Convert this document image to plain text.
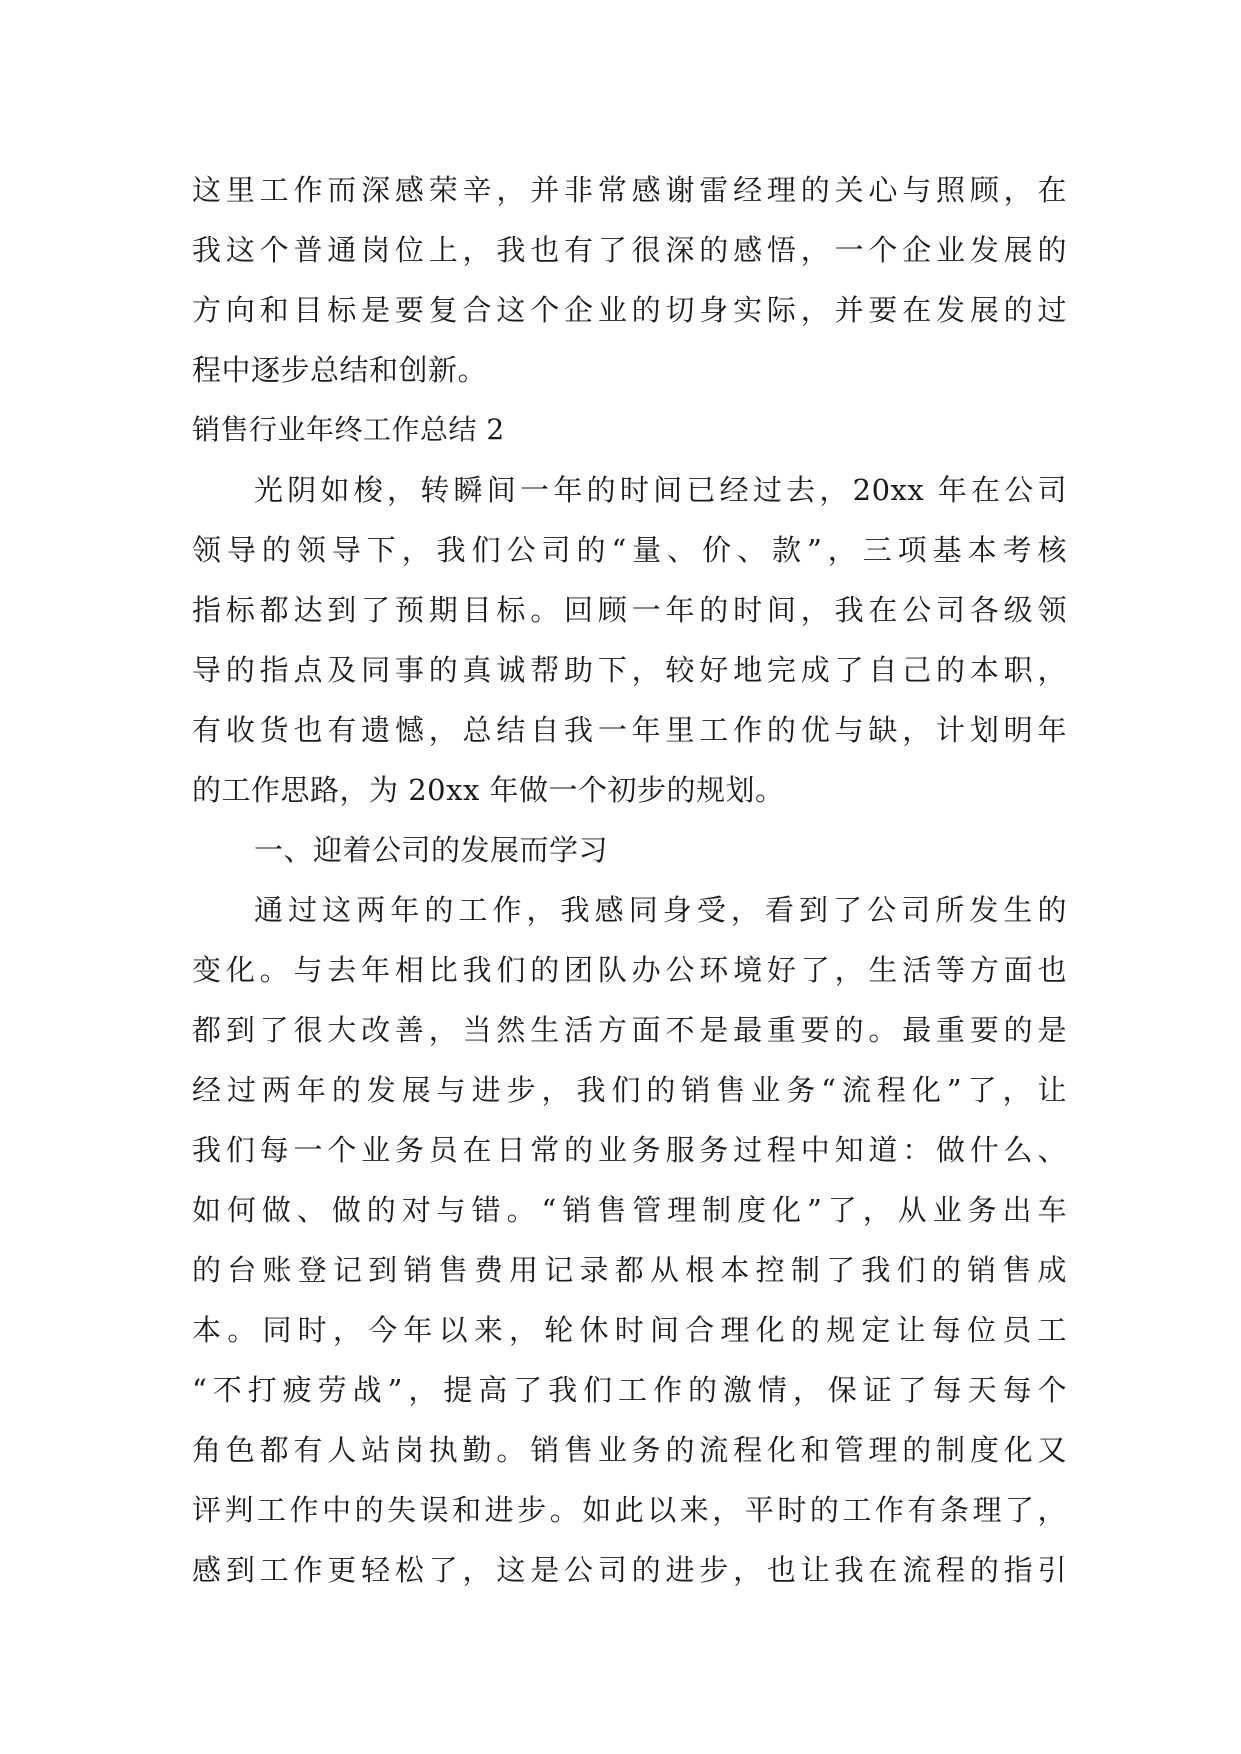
这里工作而深感荣辛，并非常感谢雷经理的关心与照顾，在
我这个普通岗位上，我也有了很深的感悟，一个企业发展的
方向和目标是要复合这个企业的切身实际，并要在发展的过
程中逐步总结和创新。
销售行业年终工作总结 2
光阴如梭，转瞬间一年的时间已经过去，20xx 年在公司
领导的领导下，我们公司的“量、价、款”，三项基本考核
指标都达到了预期目标。回顾一年的时间，我在公司各级领
导的指点及同事的真诚帮助下，较好地完成了自己的本职，
有收货也有遗憾，总结自我一年里工作的优与缺，计划明年
的工作思路，为 20xx 年做一个初步的规划。
一、迎着公司的发展而学习
通过这两年的工作，我感同身受，看到了公司所发生的
变化。与去年相比我们的团队办公环境好了，生活等方面也
都到了很大改善，当然生活方面不是最重要的。最重要的是
经过两年的发展与进步，我们的销售业务“流程化”了，让
我们每一个业务员在日常的业务服务过程中知道：做什么、
如何做、做的对与错。“销售管理制度化”了，从业务出车
的台账登记到销售费用记录都从根本控制了我们的销售成
本。同时，今年以来，轮休时间合理化的规定让每位员工
“不打疲劳战”，提高了我们工作的激情，保证了每天每个
角色都有人站岗执勤。销售业务的流程化和管理的制度化又
评判工作中的失误和进步。如此以来，平时的工作有条理了，
感到工作更轻松了，这是公司的进步，也让我在流程的指引
